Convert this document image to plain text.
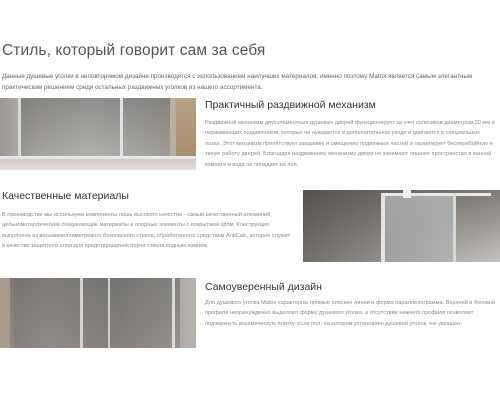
Стиль, который говорит сам за себя

Данные душевые уголки в неповторимом дизайне производятся с использованием наилучших материалов, именно поэтому Matrix является самым элегантным практическим решением среди остальных раздвижных уголков из нашего ассортимента.

Практичный раздвижной механизм

Раздвижной механизм двухэлементных душевых дверей функционирует за счет колесиков диаметром 20 мм и нержавеющих подшипников, которые не нуждаются в дополнительном уходе и двигаются в специальных пазах. Этот механизм препятствует заеданию и смещению подвижных частей и гарантирует бесперебойную и тихую работу дверей. Благодаря раздвижному механизму двери не занимают лишнее пространство в ванной комнате и вода не попадает на пол.

Качественные материалы

В производстве мы используем компоненты лишь высокого качества - самый качественный алюминий, цельнометаллические соединяющие материалы и опорные элементы с покрытием хром. Конструкция выполнена из восьмимиллиметрового безопасного стекла, обработанного средством AntiCalc, которое служит в качестве защитного слоя для предотвращения порчи стекла водным камнем.

Самоуверенный дизайн

Для душевого уголка Matrix характерны прямые плоские линии и форма параллелограмма. Верхний и боковой профили непринужденно выделяют форму душевого уголка, а отсутствие нижнего профиля позволяет подчеркнуть керамическую плитку, если пол, на котором установлен душевой уголок, ею украшен.
